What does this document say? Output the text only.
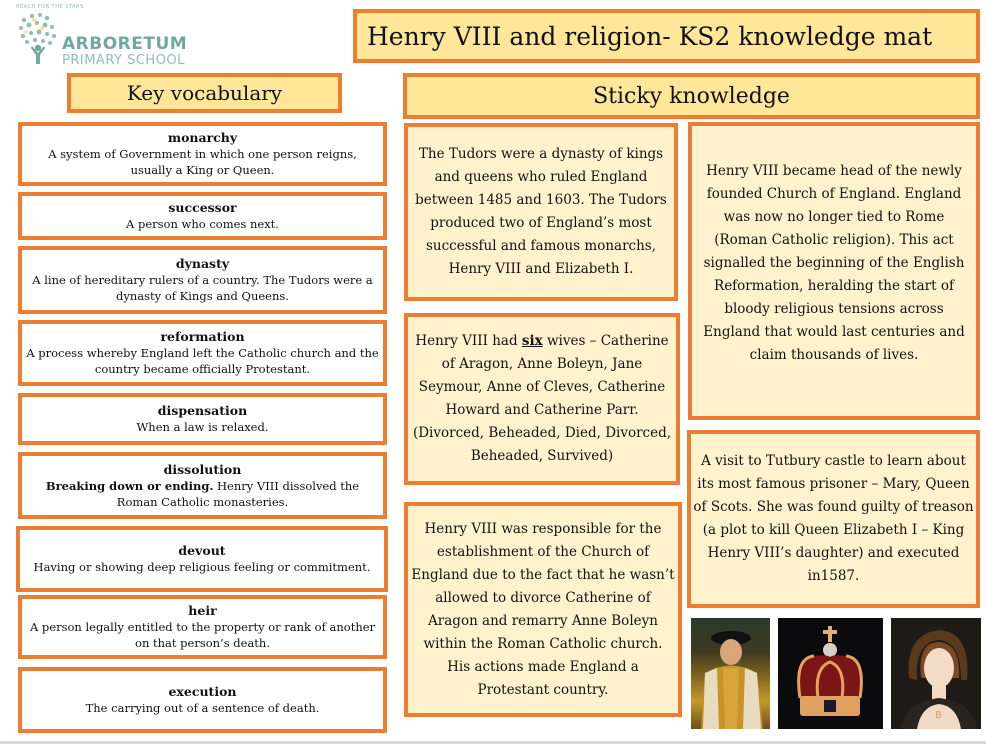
REACH FOR THE STARS
ARBORETUM
PRIMARY SCHOOL
Henry VIII and religion- KS2 knowledge mat
Key vocabulary	Sticky knowledge
monarchy
A system of Government in which one person reigns, usually a King or Queen.
successor
A person who comes next.
dynasty
A line of hereditary rulers of a country. The Tudors were a dynasty of Kings and Queens.
reformation
A process whereby England left the Catholic church and the country became officially Protestant.
dispensation
When a law is relaxed.
dissolution
Breaking down or ending. Henry VIII dissolved the Roman Catholic monasteries.
devout
Having or showing deep religious feeling or commitment.
heir
A person legally entitled to the property or rank of another on that person’s death.
execution
The carrying out of a sentence of death.

The Tudors were a dynasty of kings and queens who ruled England between 1485 and 1603. The Tudors produced two of England’s most successful and famous monarchs, Henry VIII and Elizabeth I.

Henry VIII had six wives – Catherine of Aragon, Anne Boleyn, Jane Seymour, Anne of Cleves, Catherine Howard and Catherine Parr. (Divorced, Beheaded, Died, Divorced, Beheaded, Survived)

Henry VIII was responsible for the establishment of the Church of England due to the fact that he wasn’t allowed to divorce Catherine of Aragon and remarry Anne Boleyn within the Roman Catholic church. His actions made England a Protestant country.

Henry VIII became head of the newly founded Church of England. England was now no longer tied to Rome (Roman Catholic religion). This act signalled the beginning of the English Reformation, heralding the start of bloody religious tensions across England that would last centuries and claim thousands of lives.

A visit to Tutbury castle to learn about its most famous prisoner – Mary, Queen of Scots. She was found guilty of treason (a plot to kill Queen Elizabeth I – King Henry VIII’s daughter) and executed in1587.

B
